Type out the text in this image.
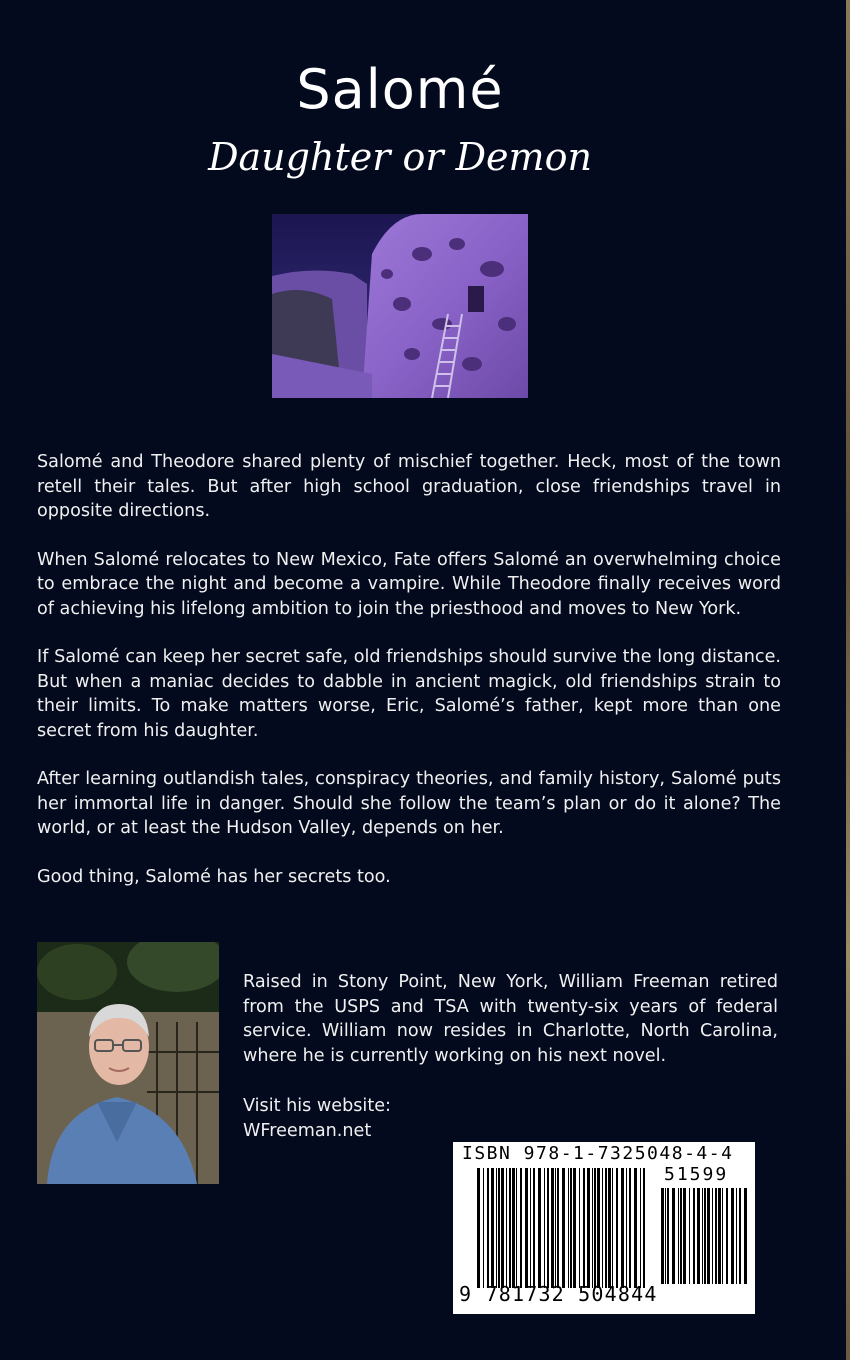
Salomé
Daughter or Demon

Salomé and Theodore shared plenty of mischief together. Heck, most of the town retell their tales. But after high school graduation, close friendships travel in opposite directions.

When Salomé relocates to New Mexico, Fate offers Salomé an overwhelming choice to embrace the night and become a vampire. While Theodore finally receives word of achieving his lifelong ambition to join the priesthood and moves to New York.

If Salomé can keep her secret safe, old friendships should survive the long distance. But when a maniac decides to dabble in ancient magick, old friendships strain to their limits. To make matters worse, Eric, Salomé’s father, kept more than one secret from his daughter.

After learning outlandish tales, conspiracy theories, and family history, Salomé puts her immortal life in danger. Should she follow the team’s plan or do it alone? The world, or at least the Hudson Valley, depends on her.

Good thing, Salomé has her secrets too.

Raised in Stony Point, New York, William Freeman retired from the USPS and TSA with twenty-six years of federal service. William now resides in Charlotte, North Carolina, where he is currently working on his next novel.
Visit his website:
WFreeman.net
ISBN 978-1-7325048-4-4
51599
9 781732 504844
